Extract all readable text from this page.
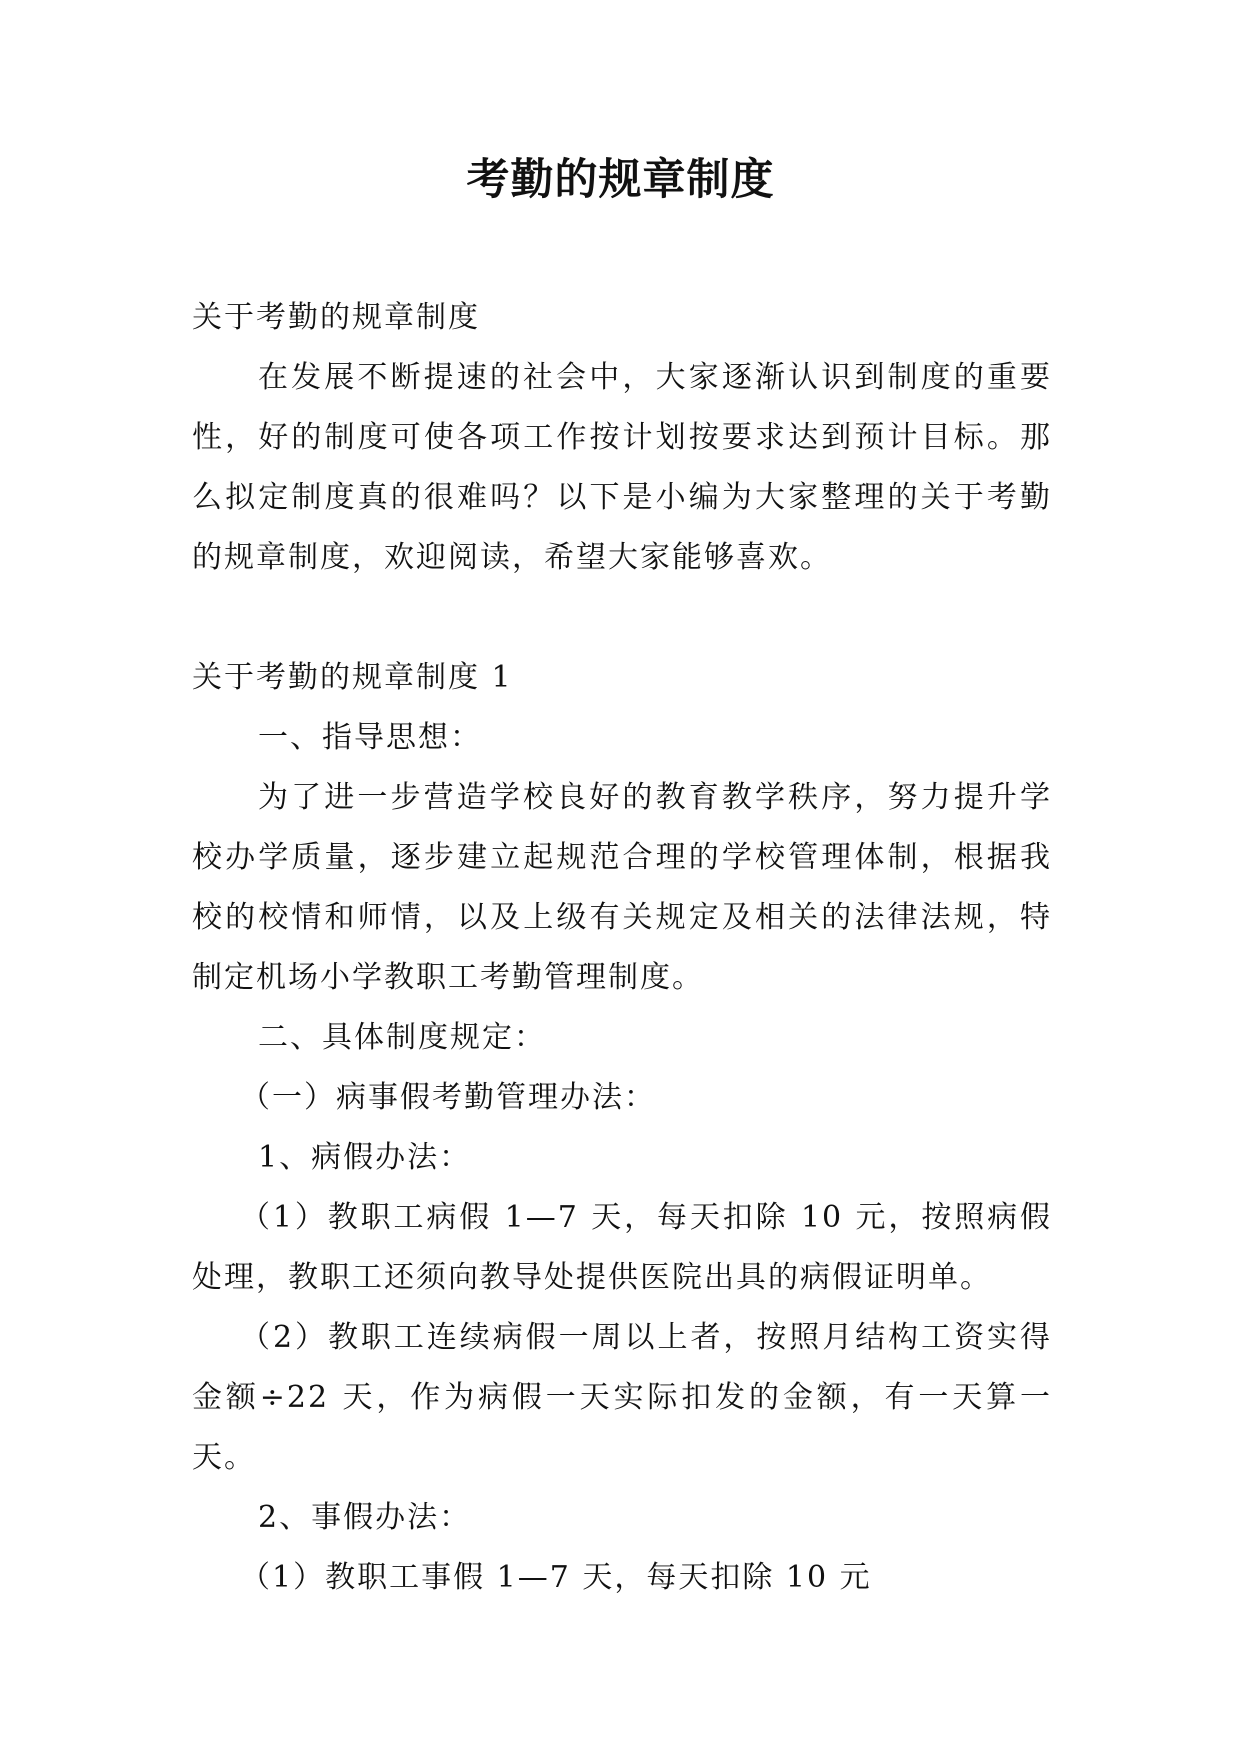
考勤的规章制度

关于考勤的规章制度

在发展不断提速的社会中，大家逐渐认识到制度的重要性，好的制度可使各项工作按计划按要求达到预计目标。那么拟定制度真的很难吗？以下是小编为大家整理的关于考勤的规章制度，欢迎阅读，希望大家能够喜欢。

关于考勤的规章制度 1

一、指导思想：

为了进一步营造学校良好的教育教学秩序，努力提升学校办学质量，逐步建立起规范合理的学校管理体制，根据我校的校情和师情，以及上级有关规定及相关的法律法规，特制定机场小学教职工考勤管理制度。

二、具体制度规定：

（一）病事假考勤管理办法：

1、病假办法：

（1）教职工病假 1—7 天，每天扣除 10 元，按照病假处理，教职工还须向教导处提供医院出具的病假证明单。

（2）教职工连续病假一周以上者，按照月结构工资实得金额÷22 天，作为病假一天实际扣发的金额，有一天算一天。

2、事假办法：

（1）教职工事假 1—7 天，每天扣除 10 元
